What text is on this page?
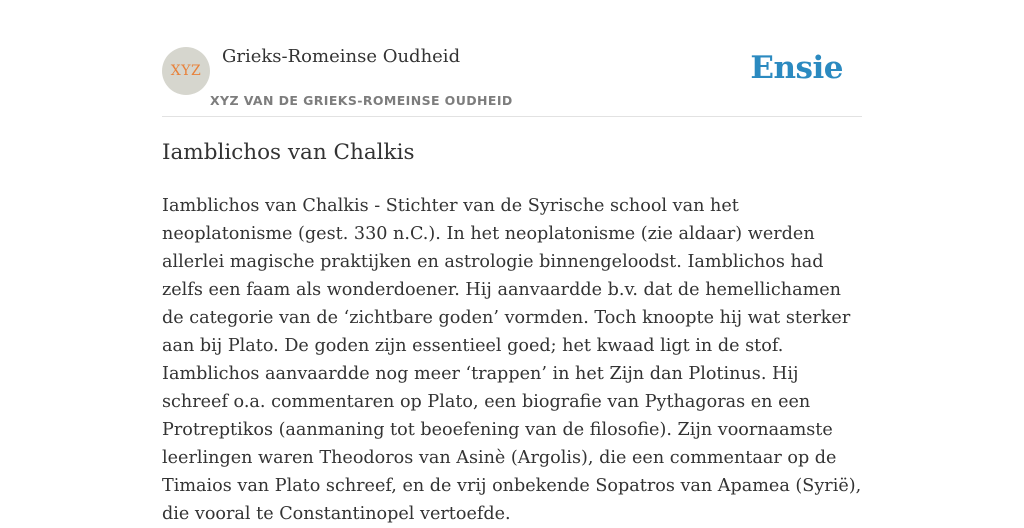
XYZ
Grieks-Romeinse Oudheid
XYZ VAN DE GRIEKS-ROMEINSE OUDHEID
Ensie
Iamblichos van Chalkis

Iamblichos van Chalkis - Stichter van de Syrische school van het neoplatonisme (gest. 330 n.C.). In het neoplatonisme (zie aldaar) werden allerlei magische praktijken en astrologie binnengeloodst. Iamblichos had zelfs een faam als wonderdoener. Hij aanvaardde b.v. dat de hemellichamen de categorie van de ‘zichtbare goden’ vormden. Toch knoopte hij wat sterker aan bij Plato. De goden zijn essentieel goed; het kwaad ligt in de stof. Iamblichos aanvaardde nog meer ‘trappen’ in het Zijn dan Plotinus. Hij schreef o.a. commentaren op Plato, een biografie van Pythagoras en een Protreptikos (aanmaning tot beoefening van de filosofie). Zijn voornaamste leerlingen waren Theodoros van Asinè (Argolis), die een commentaar op de Timaios van Plato schreef, en de vrij onbekende Sopatros van Apamea (Syrië), die vooral te Constantinopel vertoefde.
